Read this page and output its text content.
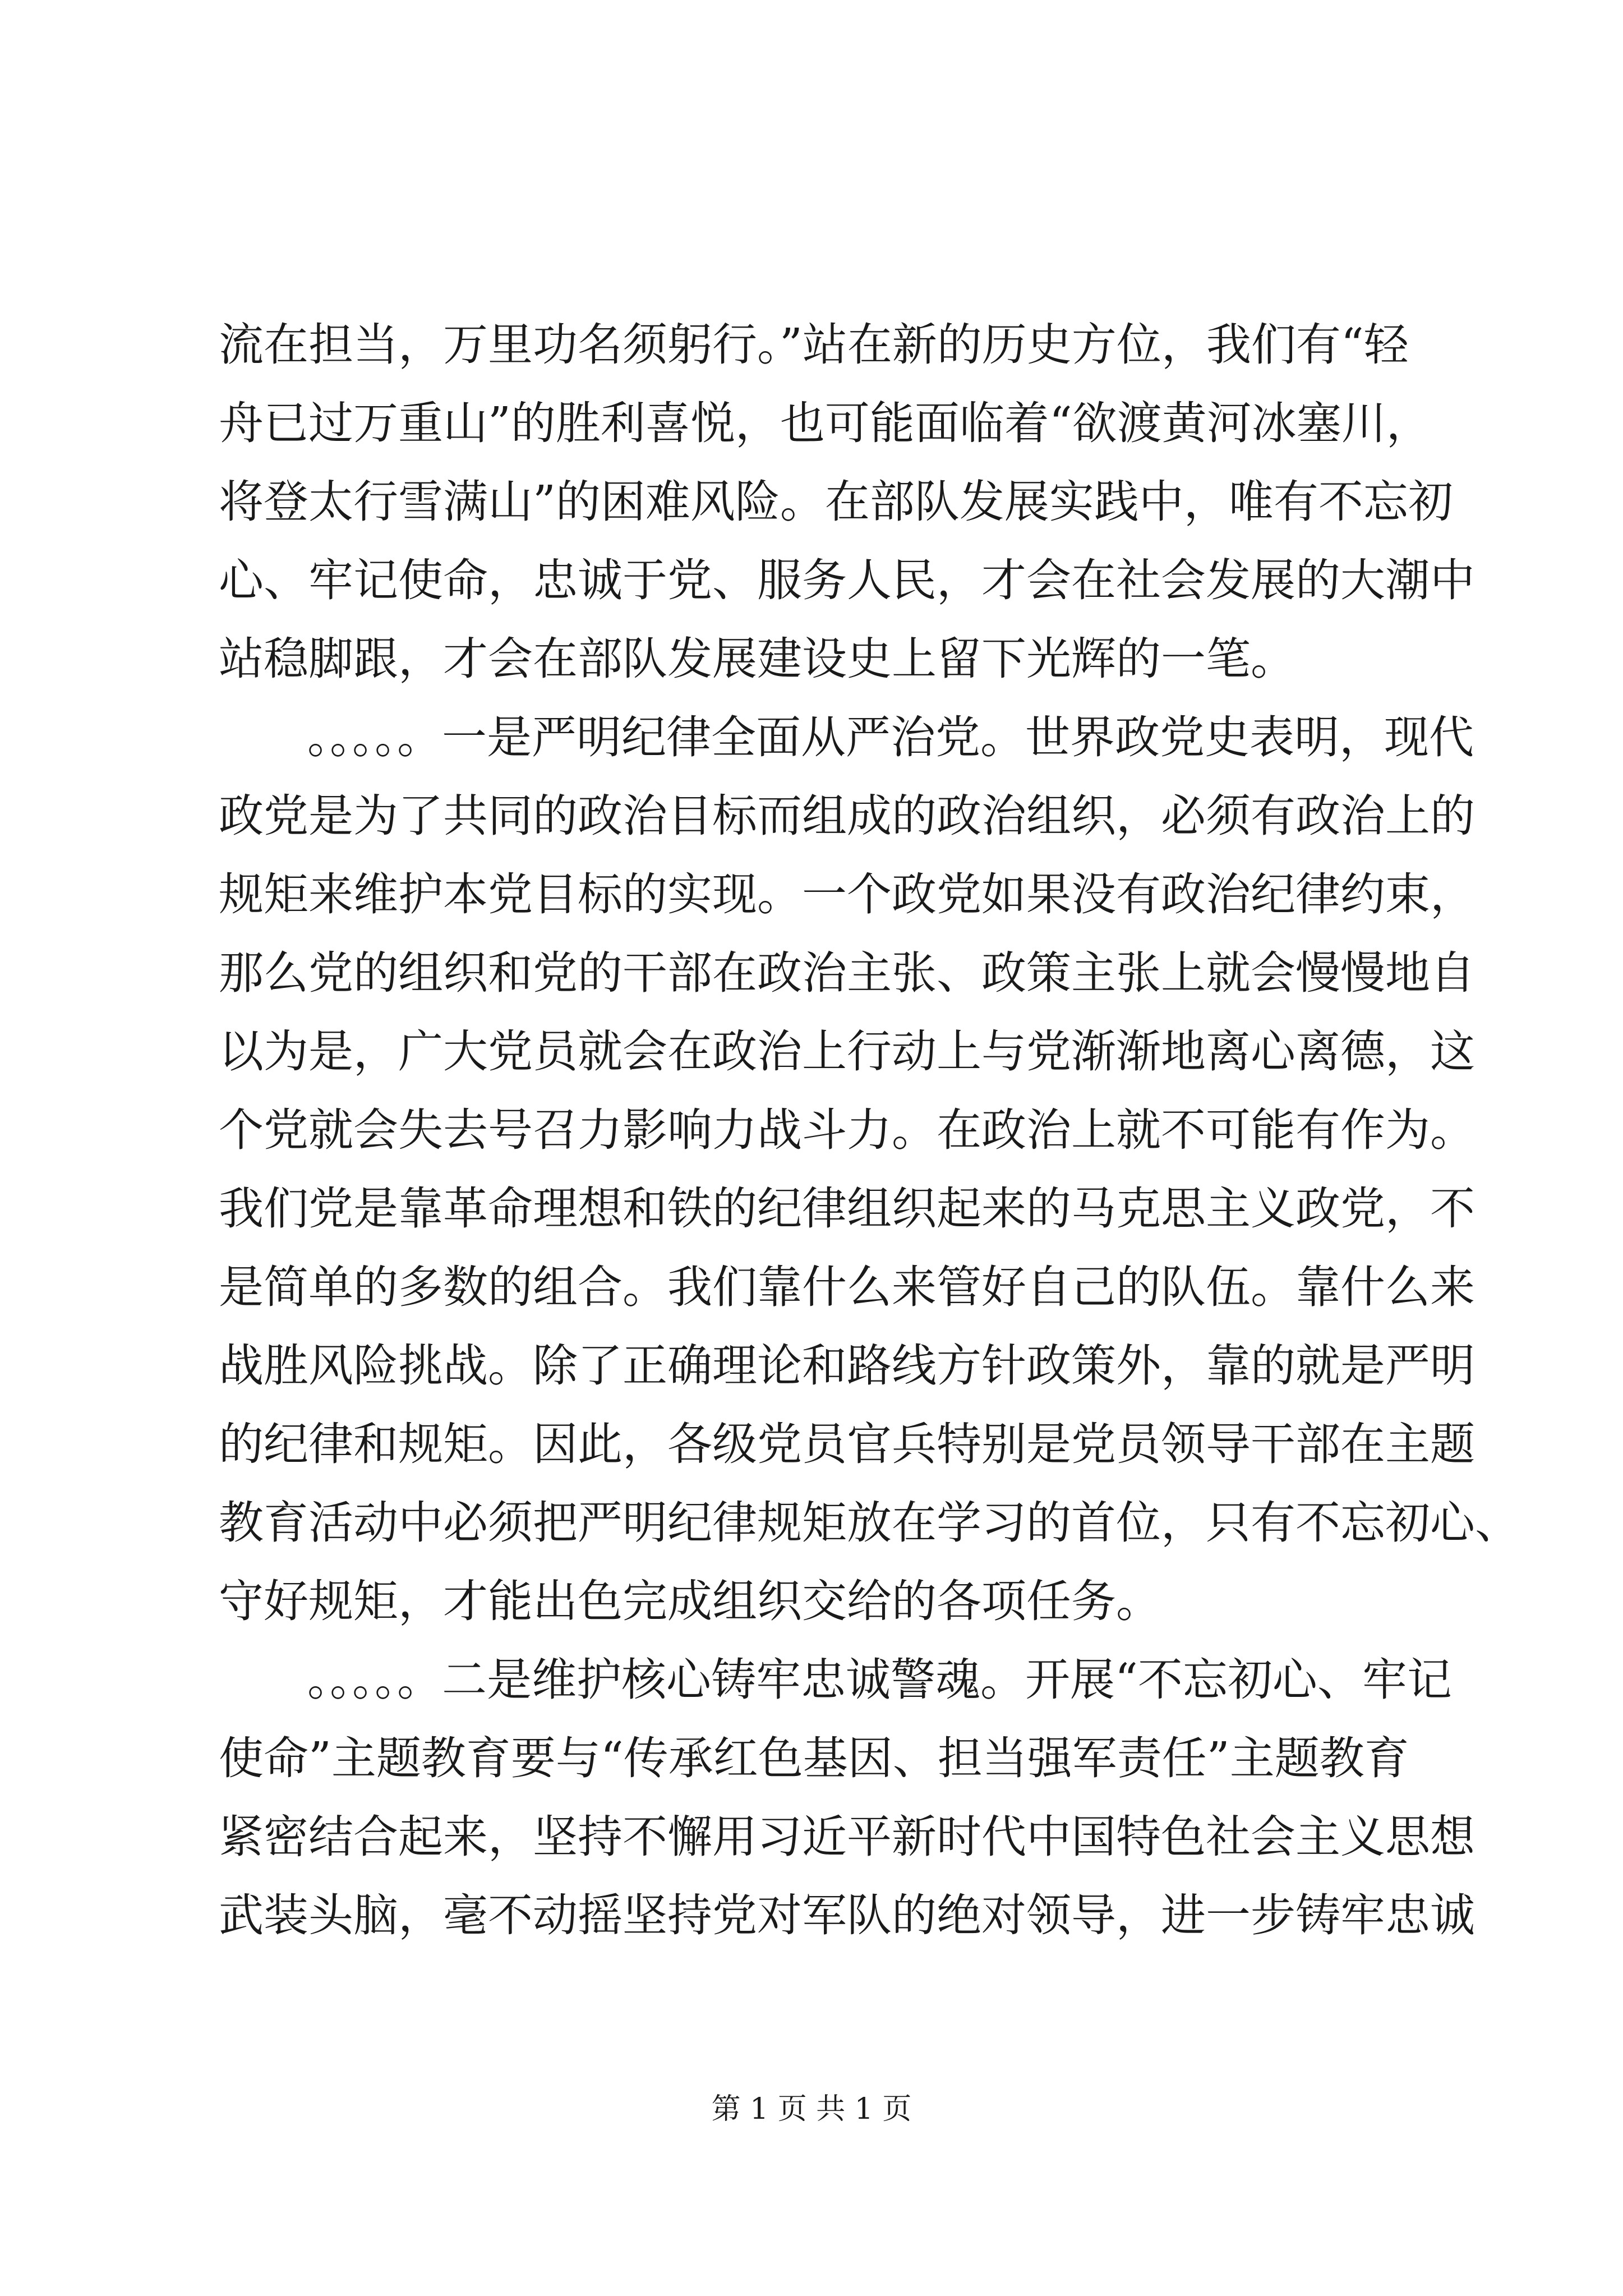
流在担当，万里功名须躬行。”站在新的历史方位，我们有“轻
舟已过万重山”的胜利喜悦，也可能面临着“欲渡黄河冰塞川，
将登太行雪满山”的困难风险。在部队发展实践中，唯有不忘初
心、牢记使命，忠诚于党、服务人民，才会在社会发展的大潮中
站稳脚跟，才会在部队发展建设史上留下光辉的一笔。
。。。。。一是严明纪律全面从严治党。世界政党史表明，现代
政党是为了共同的政治目标而组成的政治组织，必须有政治上的
规矩来维护本党目标的实现。一个政党如果没有政治纪律约束，
那么党的组织和党的干部在政治主张、政策主张上就会慢慢地自
以为是，广大党员就会在政治上行动上与党渐渐地离心离德，这
个党就会失去号召力影响力战斗力。在政治上就不可能有作为。
我们党是靠革命理想和铁的纪律组织起来的马克思主义政党，不
是简单的多数的组合。我们靠什么来管好自己的队伍。靠什么来
战胜风险挑战。除了正确理论和路线方针政策外，靠的就是严明
的纪律和规矩。因此，各级党员官兵特别是党员领导干部在主题
教育活动中必须把严明纪律规矩放在学习的首位，只有不忘初心、
守好规矩，才能出色完成组织交给的各项任务。
。。。。。二是维护核心铸牢忠诚警魂。开展“不忘初心、牢记
使命”主题教育要与“传承红色基因、担当强军责任”主题教育
紧密结合起来，坚持不懈用习近平新时代中国特色社会主义思想
武装头脑，毫不动摇坚持党对军队的绝对领导，进一步铸牢忠诚
第 1 页 共 1 页
